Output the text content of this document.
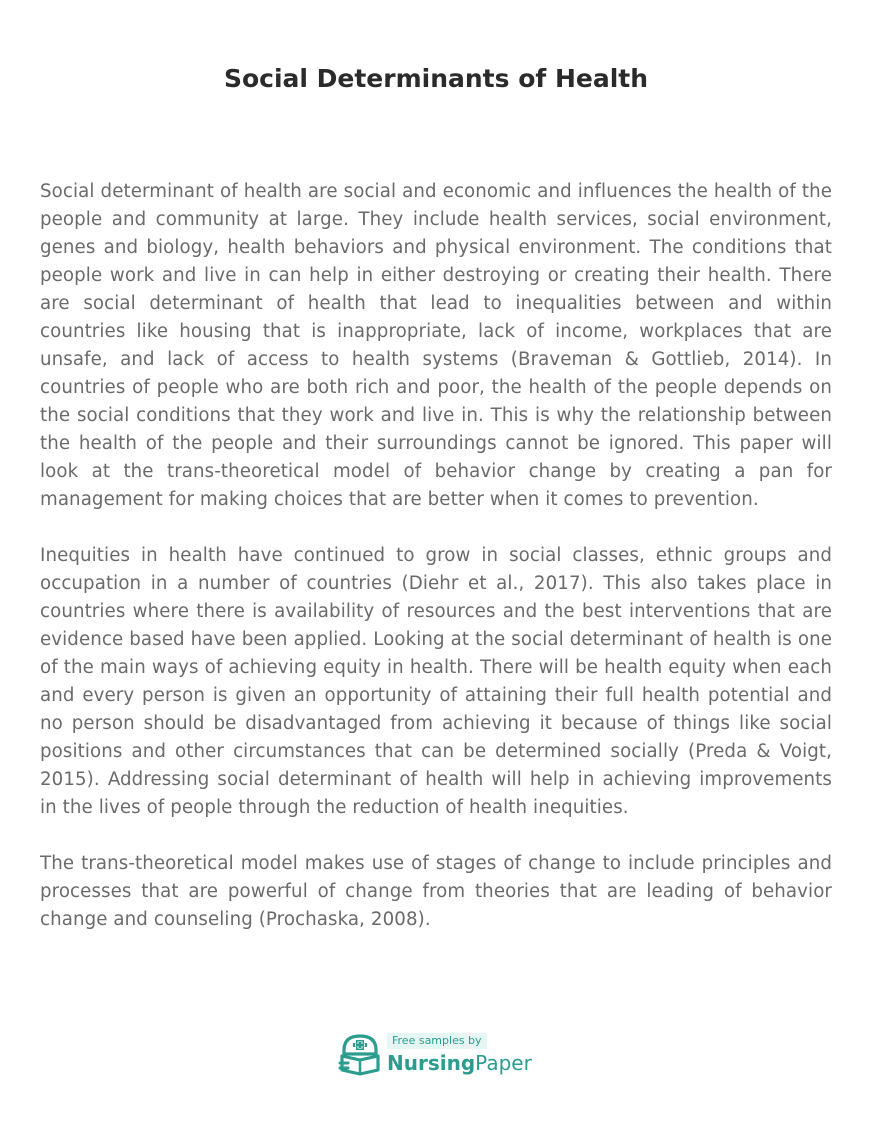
Social Determinants of Health

Social determinant of health are social and economic and influences the health of the people and community at large. They include health services, social environment, genes and biology, health behaviors and physical environment. The conditions that people work and live in can help in either destroying or creating their health. There are social determinant of health that lead to inequalities between and within countries like housing that is inappropriate, lack of income, workplaces that are unsafe, and lack of access to health systems (Braveman & Gottlieb, 2014). In countries of people who are both rich and poor, the health of the people depends on the social conditions that they work and live in. This is why the relationship between the health of the people and their surroundings cannot be ignored. This paper will look at the trans-theoretical model of behavior change by creating a pan for management for making choices that are better when it comes to prevention.

Inequities in health have continued to grow in social classes, ethnic groups and occupation in a number of countries (Diehr et al., 2017). This also takes place in countries where there is availability of resources and the best interventions that are evidence based have been applied. Looking at the social determinant of health is one of the main ways of achieving equity in health. There will be health equity when each and every person is given an opportunity of attaining their full health potential and no person should be disadvantaged from achieving it because of things like social positions and other circumstances that can be determined socially (Preda & Voigt, 2015). Addressing social determinant of health will help in achieving improvements in the lives of people through the reduction of health inequities.

The trans-theoretical model makes use of stages of change to include principles and processes that are powerful of change from theories that are leading of behavior change and counseling (Prochaska, 2008).

Free samples by
NursingPaper
